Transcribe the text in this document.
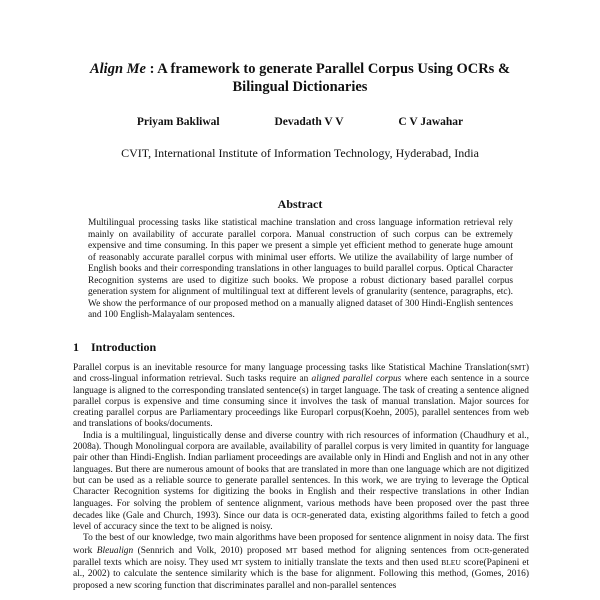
Align Me : A framework to generate Parallel Corpus Using OCRs & Bilingual Dictionaries
Priyam Bakliwal	Devadath V V	C V Jawahar
CVIT, International Institute of Information Technology, Hyderabad, India
Abstract
Multilingual processing tasks like statistical machine translation and cross language information retrieval rely mainly on availability of accurate parallel corpora. Manual construction of such corpus can be extremely expensive and time consuming. In this paper we present a simple yet efficient method to generate huge amount of reasonably accurate parallel corpus with minimal user efforts. We utilize the availability of large number of English books and their corresponding translations in other languages to build parallel corpus. Optical Character Recognition systems are used to digitize such books. We propose a robust dictionary based parallel corpus generation system for alignment of multilingual text at different levels of granularity (sentence, paragraphs, etc). We show the performance of our proposed method on a manually aligned dataset of 300 Hindi-English sentences and 100 English-Malayalam sentences.
1 Introduction

Parallel corpus is an inevitable resource for many language processing tasks like Statistical Machine Translation(SMT) and cross-lingual information retrieval. Such tasks require an aligned parallel corpus where each sentence in a source language is aligned to the corresponding translated sentence(s) in target language. The task of creating a sentence aligned parallel corpus is expensive and time consuming since it involves the task of manual translation. Major sources for creating parallel corpus are Parliamentary proceedings like Europarl corpus(Koehn, 2005), parallel sentences from web and translations of books/documents.

India is a multilingual, linguistically dense and diverse country with rich resources of information (Chaudhury et al., 2008a). Though Monolingual corpora are available, availability of parallel corpus is very limited in quantity for language pair other than Hindi-English. Indian parliament proceedings are available only in Hindi and English and not in any other languages. But there are numerous amount of books that are translated in more than one language which are not digitized but can be used as a reliable source to generate parallel sentences. In this work, we are trying to leverage the Optical Character Recognition systems for digitizing the books in English and their respective translations in other Indian languages. For solving the problem of sentence alignment, various methods have been proposed over the past three decades like (Gale and Church, 1993). Since our data is OCR-generated data, existing algorithms failed to fetch a good level of accuracy since the text to be aligned is noisy.

To the best of our knowledge, two main algorithms have been proposed for sentence alignment in noisy data. The first work Bleualign (Sennrich and Volk, 2010) proposed MT based method for aligning sentences from OCR-generated parallel texts which are noisy. They used MT system to initially translate the texts and then used BLEU score(Papineni et al., 2002) to calculate the sentence similarity which is the base for alignment. Following this method, (Gomes, 2016) proposed a new scoring function that discriminates parallel and non-parallel sentences
